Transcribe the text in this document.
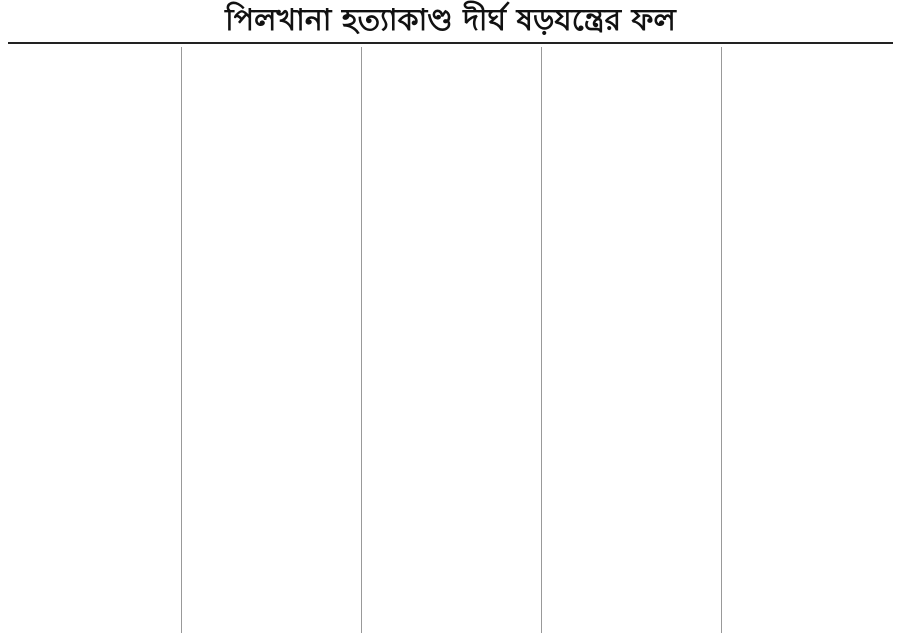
পিলখানা হত্যাকাণ্ড দীর্ঘ ষড়যন্ত্রের ফল
